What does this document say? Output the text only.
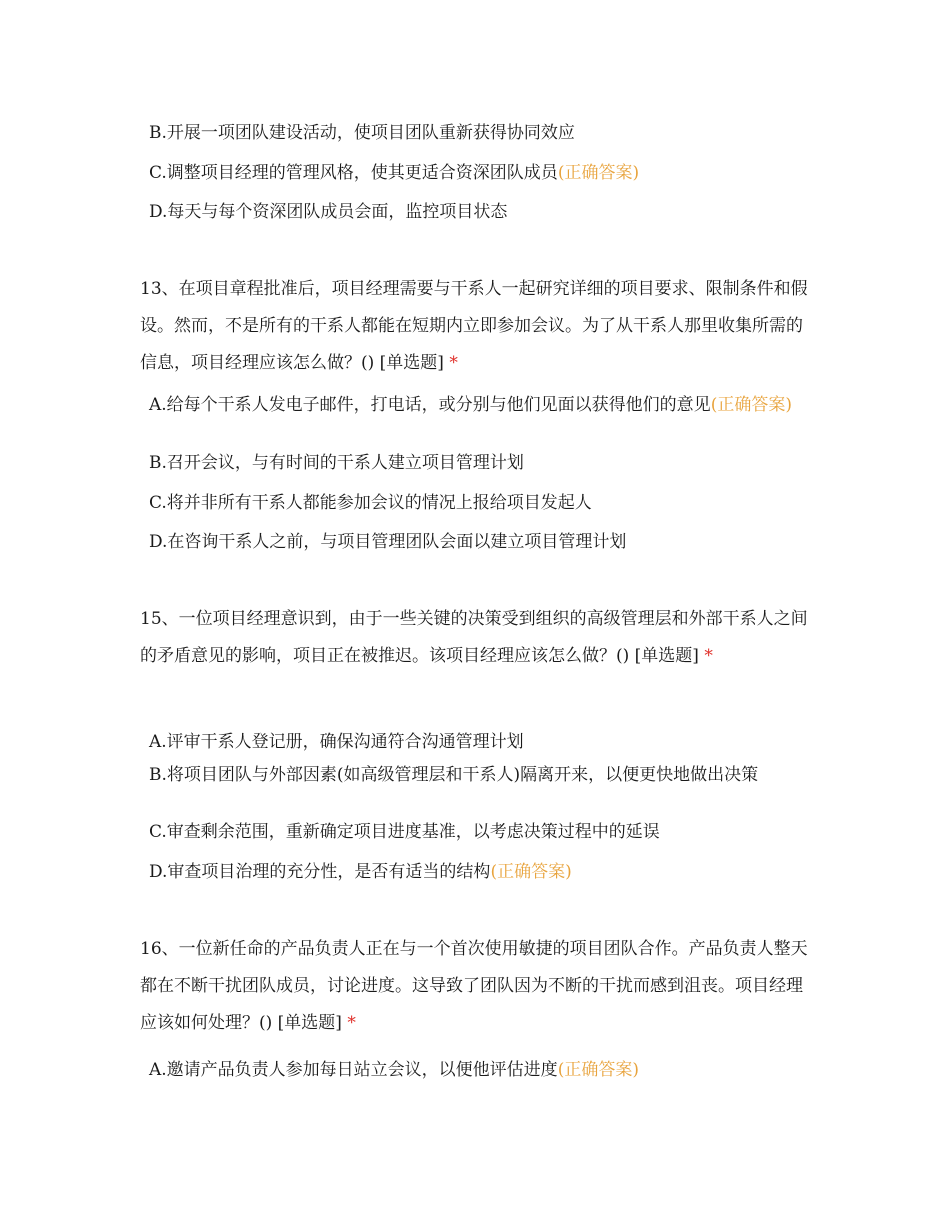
B.开展一项团队建设活动，使项目团队重新获得协同效应
C.调整项目经理的管理风格，使其更适合资深团队成员(正确答案)
D.每天与每个资深团队成员会面，监控项目状态
13、在项目章程批准后，项目经理需要与干系人一起研究详细的项目要求、限制条件和假设。然而，不是所有的干系人都能在短期内立即参加会议。为了从干系人那里收集所需的信息，项目经理应该怎么做？() [单选题] *
A.给每个干系人发电子邮件，打电话，或分别与他们见面以获得他们的意见(正确答案)
B.召开会议，与有时间的干系人建立项目管理计划
C.将并非所有干系人都能参加会议的情况上报给项目发起人
D.在咨询干系人之前，与项目管理团队会面以建立项目管理计划
15、一位项目经理意识到，由于一些关键的决策受到组织的高级管理层和外部干系人之间的矛盾意见的影响，项目正在被推迟。该项目经理应该怎么做？() [单选题] *
A.评审干系人登记册，确保沟通符合沟通管理计划
B.将项目团队与外部因素(如高级管理层和干系人)隔离开来，以便更快地做出决策
C.审查剩余范围，重新确定项目进度基准，以考虑决策过程中的延误
D.审查项目治理的充分性，是否有适当的结构(正确答案)
16、一位新任命的产品负责人正在与一个首次使用敏捷的项目团队合作。产品负责人整天都在不断干扰团队成员，讨论进度。这导致了团队因为不断的干扰而感到沮丧。项目经理应该如何处理？() [单选题] *
A.邀请产品负责人参加每日站立会议，以便他评估进度(正确答案)
